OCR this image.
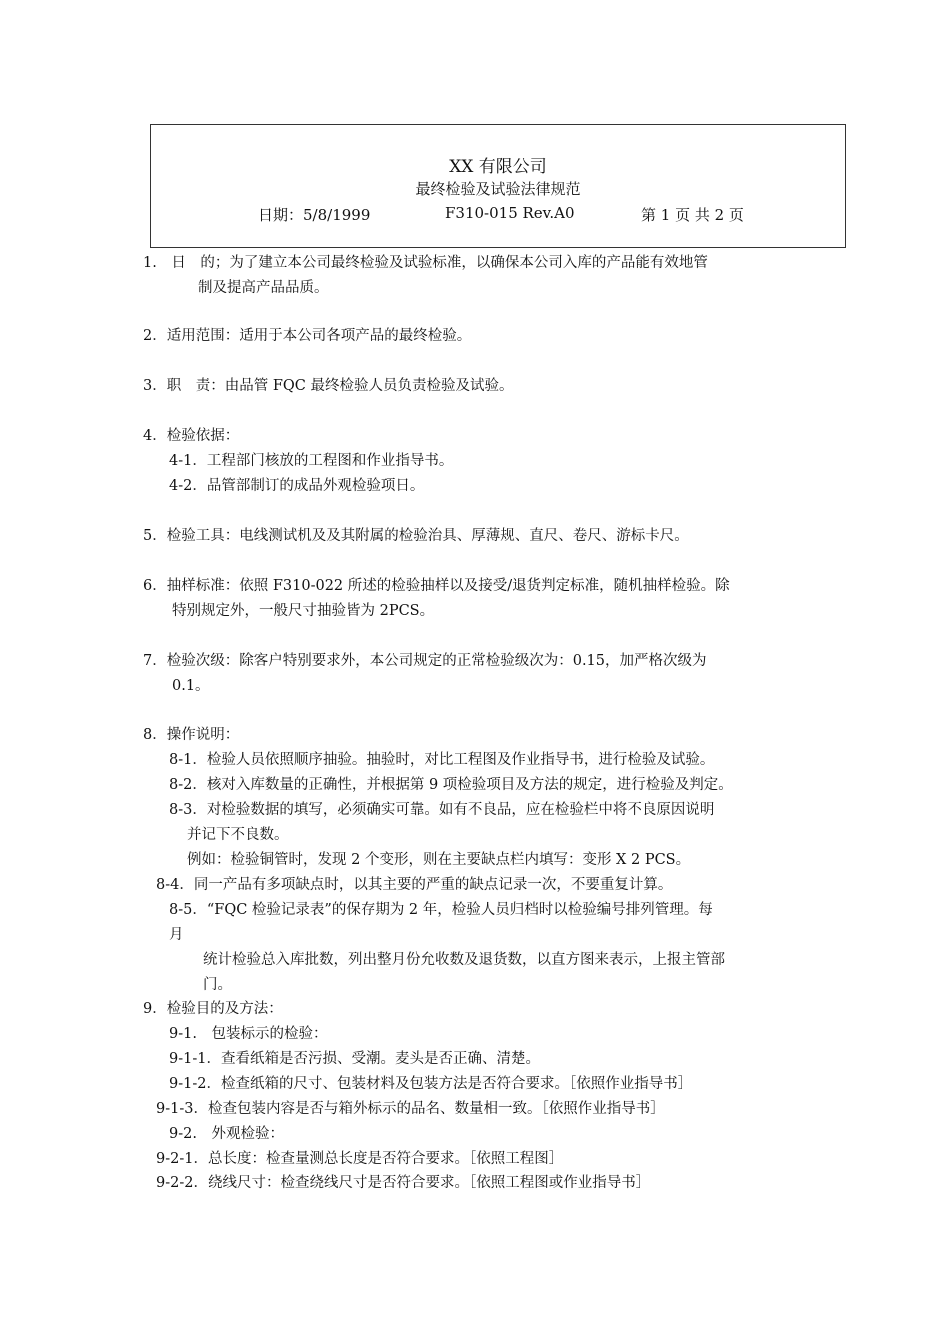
XX 有限公司
最终检验及试验法律规范
日期：5/8/1999	F310-015 Rev.A0	第 1 页 共 2 页
1.　日　的；为了建立本公司最终检验及试验标准，以确保本公司入库的产品能有效地管
制及提高产品品质。
2．适用范围：适用于本公司各项产品的最终检验。
3．职　责：由品管 FQC 最终检验人员负责检验及试验。
4．检验依据：
4-1．工程部门核放的工程图和作业指导书。
4-2．品管部制订的成品外观检验项日。
5．检验工具：电线测试机及及其附属的检验治具、厚薄规、直尺、卷尺、游标卡尺。
6．抽样标准：依照 F310-022 所述的检验抽样以及接受/退货判定标准，随机抽样检验。除
特别规定外，一般尺寸抽验皆为 2PCS。
7．检验次级：除客户特别要求外，本公司规定的正常检验级次为：0.15，加严格次级为
0.1。
8．操作说明：
8-1．检验人员依照顺序抽验。抽验时，对比工程图及作业指导书，进行检验及试验。
8-2．核对入库数量的正确性，并根据第 9 项检验项目及方法的规定，进行检验及判定。
8-3．对检验数据的填写，必须确实可靠。如有不良品，应在检验栏中将不良原因说明
并记下不良数。
例如：检验铜管时，发现 2 个变形，则在主要缺点栏内填写：变形 X 2 PCS。
8-4．同一产品有多项缺点时，以其主要的严重的缺点记录一次，不要重复计算。
8-5．“FQC 检验记录表”的保存期为 2 年，检验人员归档时以检验编号排列管理。每
月
统计检验总入库批数，列出整月份允收数及退货数，以直方图来表示，上报主管部
门。
9．检验目的及方法：
9-1.　包装标示的检验：
9-1-1．查看纸箱是否污损、受潮。麦头是否正确、清楚。
9-1-2．检查纸箱的尺寸、包装材料及包装方法是否符合要求。［依照作业指导书］
9-1-3．检查包装内容是否与箱外标示的品名、数量相一致。［依照作业指导书］
9-2.　外观检验：
9-2-1．总长度：检查量测总长度是否符合要求。［依照工程图］
9-2-2．绕线尺寸：检查绕线尺寸是否符合要求。［依照工程图或作业指导书］
